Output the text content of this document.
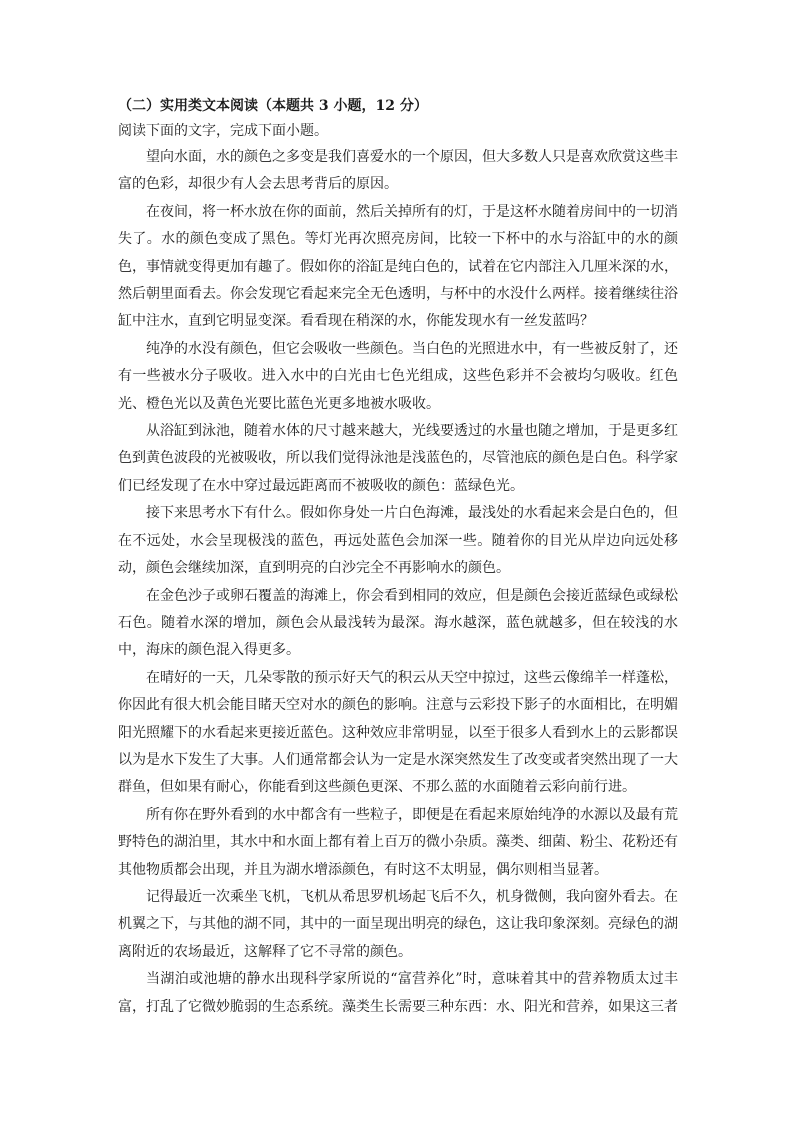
（二）实用类文本阅读（本题共 3 小题，12 分）

阅读下面的文字，完成下面小题。

望向水面，水的颜色之多变是我们喜爱水的一个原因，但大多数人只是喜欢欣赏这些丰富的色彩，却很少有人会去思考背后的原因。

在夜间，将一杯水放在你的面前，然后关掉所有的灯，于是这杯水随着房间中的一切消失了。水的颜色变成了黑色。等灯光再次照亮房间，比较一下杯中的水与浴缸中的水的颜色，事情就变得更加有趣了。假如你的浴缸是纯白色的，试着在它内部注入几厘米深的水，然后朝里面看去。你会发现它看起来完全无色透明，与杯中的水没什么两样。接着继续往浴缸中注水，直到它明显变深。看看现在稍深的水，你能发现水有一丝发蓝吗？

纯净的水没有颜色，但它会吸收一些颜色。当白色的光照进水中，有一些被反射了，还有一些被水分子吸收。进入水中的白光由七色光组成，这些色彩并不会被均匀吸收。红色光、橙色光以及黄色光要比蓝色光更多地被水吸收。

从浴缸到泳池，随着水体的尺寸越来越大，光线要透过的水量也随之增加，于是更多红色到黄色波段的光被吸收，所以我们觉得泳池是浅蓝色的，尽管池底的颜色是白色。科学家们已经发现了在水中穿过最远距离而不被吸收的颜色：蓝绿色光。

接下来思考水下有什么。假如你身处一片白色海滩，最浅处的水看起来会是白色的，但在不远处，水会呈现极浅的蓝色，再远处蓝色会加深一些。随着你的目光从岸边向远处移动，颜色会继续加深，直到明亮的白沙完全不再影响水的颜色。

在金色沙子或卵石覆盖的海滩上，你会看到相同的效应，但是颜色会接近蓝绿色或绿松石色。随着水深的增加，颜色会从最浅转为最深。海水越深，蓝色就越多，但在较浅的水中，海床的颜色混入得更多。

在晴好的一天，几朵零散的预示好天气的积云从天空中掠过，这些云像绵羊一样蓬松，你因此有很大机会能目睹天空对水的颜色的影响。注意与云彩投下影子的水面相比，在明媚阳光照耀下的水看起来更接近蓝色。这种效应非常明显，以至于很多人看到水上的云影都误以为是水下发生了大事。人们通常都会认为一定是水深突然发生了改变或者突然出现了一大群鱼，但如果有耐心，你能看到这些颜色更深、不那么蓝的水面随着云彩向前行进。

所有你在野外看到的水中都含有一些粒子，即便是在看起来原始纯净的水源以及最有荒野特色的湖泊里，其水中和水面上都有着上百万的微小杂质。藻类、细菌、粉尘、花粉还有其他物质都会出现，并且为湖水增添颜色，有时这不太明显，偶尔则相当显著。

记得最近一次乘坐飞机，飞机从希思罗机场起飞后不久，机身微侧，我向窗外看去。在机翼之下，与其他的湖不同，其中的一面呈现出明亮的绿色，这让我印象深刻。亮绿色的湖离附近的农场最近，这解释了它不寻常的颜色。

当湖泊或池塘的静水出现科学家所说的“富营养化”时，意味着其中的营养物质太过丰富，打乱了它微妙脆弱的生态系统。藻类生长需要三种东西：水、阳光和营养，如果这三者
